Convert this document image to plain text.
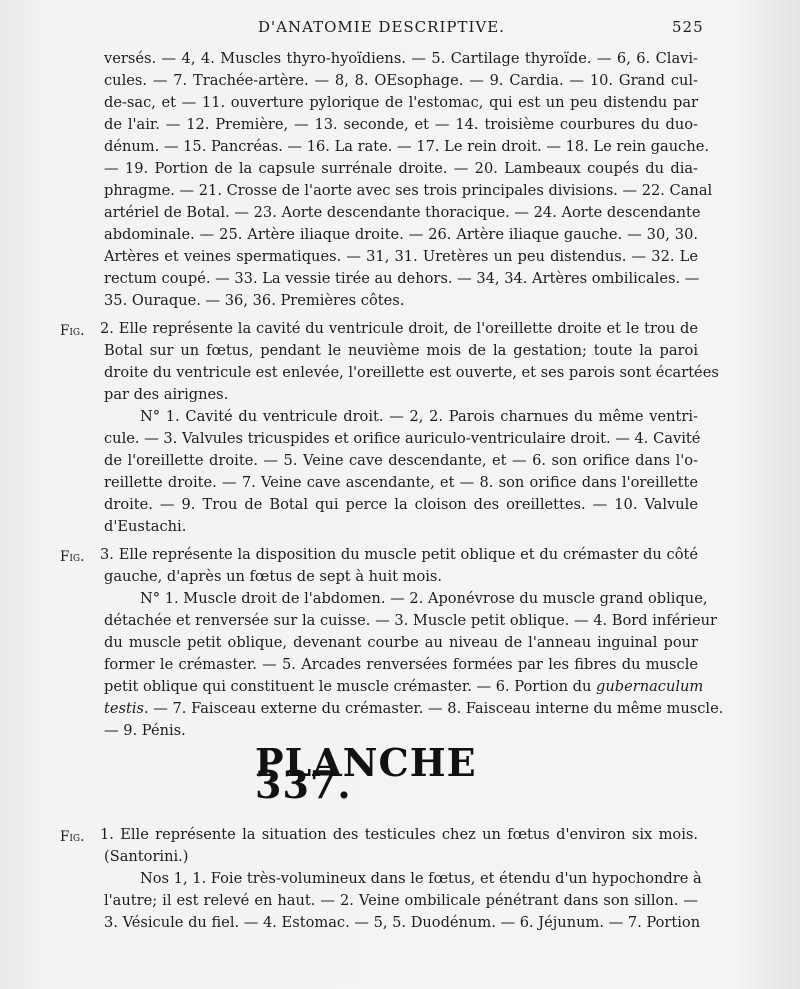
D'ANATOMIE DESCRIPTIVE.	525
versés. — 4, 4. Muscles thyro-hyoïdiens. — 5. Cartilage thyroïde. — 6, 6. Clavi-
cules. — 7. Trachée-artère. — 8, 8. OEsophage. — 9. Cardia. — 10. Grand cul-
de-sac, et — 11. ouverture pylorique de l'estomac, qui est un peu distendu par
de l'air. — 12. Première, — 13. seconde, et — 14. troisième courbures du duo-
dénum. — 15. Pancréas. — 16. La rate. — 17. Le rein droit. — 18. Le rein gauche.
— 19. Portion de la capsule surrénale droite. — 20. Lambeaux coupés du dia-
phragme. — 21. Crosse de l'aorte avec ses trois principales divisions. — 22. Canal
artériel de Botal. — 23. Aorte descendante thoracique. — 24. Aorte descendante
abdominale. — 25. Artère iliaque droite. — 26. Artère iliaque gauche. — 30, 30.
Artères et veines spermatiques. — 31, 31. Uretères un peu distendus. — 32. Le
rectum coupé. — 33. La vessie tirée au dehors. — 34, 34. Artères ombilicales. —
35. Ouraque. — 36, 36. Premières côtes.
Fig. 2. Elle représente la cavité du ventricule droit, de l'oreillette droite et le trou de
Botal sur un fœtus, pendant le neuvième mois de la gestation; toute la paroi
droite du ventricule est enlevée, l'oreillette est ouverte, et ses parois sont écartées
par des airignes.
N° 1. Cavité du ventricule droit. — 2, 2. Parois charnues du même ventri-
cule. — 3. Valvules tricuspides et orifice auriculo-ventriculaire droit. — 4. Cavité
de l'oreillette droite. — 5. Veine cave descendante, et — 6. son orifice dans l'o-
reillette droite. — 7. Veine cave ascendante, et — 8. son orifice dans l'oreillette
droite. — 9. Trou de Botal qui perce la cloison des oreillettes. — 10. Valvule
d'Eustachi.
Fig. 3. Elle représente la disposition du muscle petit oblique et du crémaster du côté
gauche, d'après un fœtus de sept à huit mois.
N° 1. Muscle droit de l'abdomen. — 2. Aponévrose du muscle grand oblique,
détachée et renversée sur la cuisse. — 3. Muscle petit oblique. — 4. Bord inférieur
du muscle petit oblique, devenant courbe au niveau de l'anneau inguinal pour
former le crémaster. — 5. Arcades renversées formées par les fibres du muscle
petit oblique qui constituent le muscle crémaster. — 6. Portion du gubernaculum
testis. — 7. Faisceau externe du crémaster. — 8. Faisceau interne du même muscle.
— 9. Pénis.
PLANCHE 337.
Fig. 1. Elle représente la situation des testicules chez un fœtus d'environ six mois.
(Santorini.)
Nos 1, 1. Foie très-volumineux dans le fœtus, et étendu d'un hypochondre à
l'autre; il est relevé en haut. — 2. Veine ombilicale pénétrant dans son sillon. —
3. Vésicule du fiel. — 4. Estomac. — 5, 5. Duodénum. — 6. Jéjunum. — 7. Portion
